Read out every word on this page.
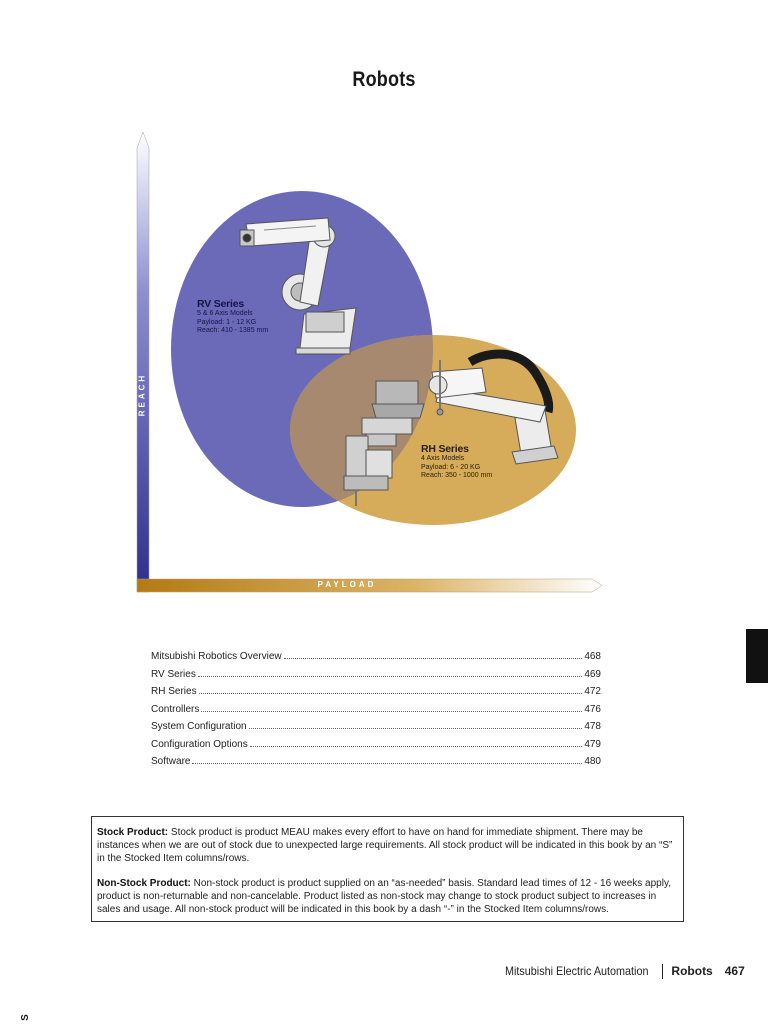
Robots
REACH
PAYLOAD
RV Series
5 & 6 Axis Models
Payload: 1 - 12 KG
Reach: 410 - 1385 mm
RH Series
4 Axis Models
Payload: 6 - 20 KG
Reach: 350 - 1000 mm
Mitsubishi Robotics Overview	468
RV Series	469
RH Series	472
Controllers	476
System Configuration	478
Configuration Options	479
Software	480

Stock Product: Stock product is product MEAU makes every effort to have on hand for immediate shipment. There may be instances when we are out of stock due to unexpected large requirements. All stock product will be indicated in this book by an “S” in the Stocked Item columns/rows.

Non-Stock Product: Non-stock product is product supplied on an “as-needed” basis. Standard lead times of 12 - 16 weeks apply, product is non-returnable and non-cancelable. Product listed as non-stock may change to stock product subject to increases in sales and usage. All non-stock product will be indicated in this book by a dash “-” in the Stocked Item columns/rows.

Mitsubishi Electric Automation Robots 467
S
